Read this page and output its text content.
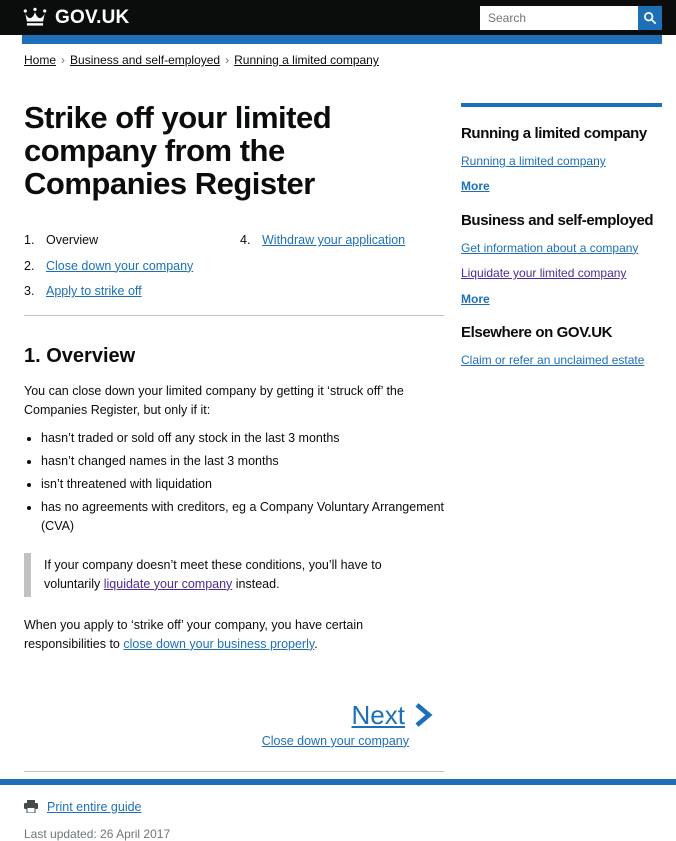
GOV.UK
Search
Home › Business and self-employed › Running a limited company
Strike off your limited company from the Companies Register
1. Overview
2. Close down your company
3. Apply to strike off
4. Withdraw your application
1. Overview

You can close down your limited company by getting it ‘struck off’ the Companies Register, but only if it:

• hasn’t traded or sold off any stock in the last 3 months
• hasn’t changed names in the last 3 months
• isn’t threatened with liquidation
• has no agreements with creditors, eg a Company Voluntary Arrangement (CVA)

If your company doesn’t meet these conditions, you’ll have to voluntarily liquidate your company instead.

When you apply to ‘strike off’ your company, you have certain responsibilities to close down your business properly.

Next

Close down your company
Print entire guide
Last updated: 26 April 2017
Running a limited company
Running a limited company
More
Business and self-employed
Get information about a company
Liquidate your limited company
More
Elsewhere on GOV.UK
Claim or refer an unclaimed estate
